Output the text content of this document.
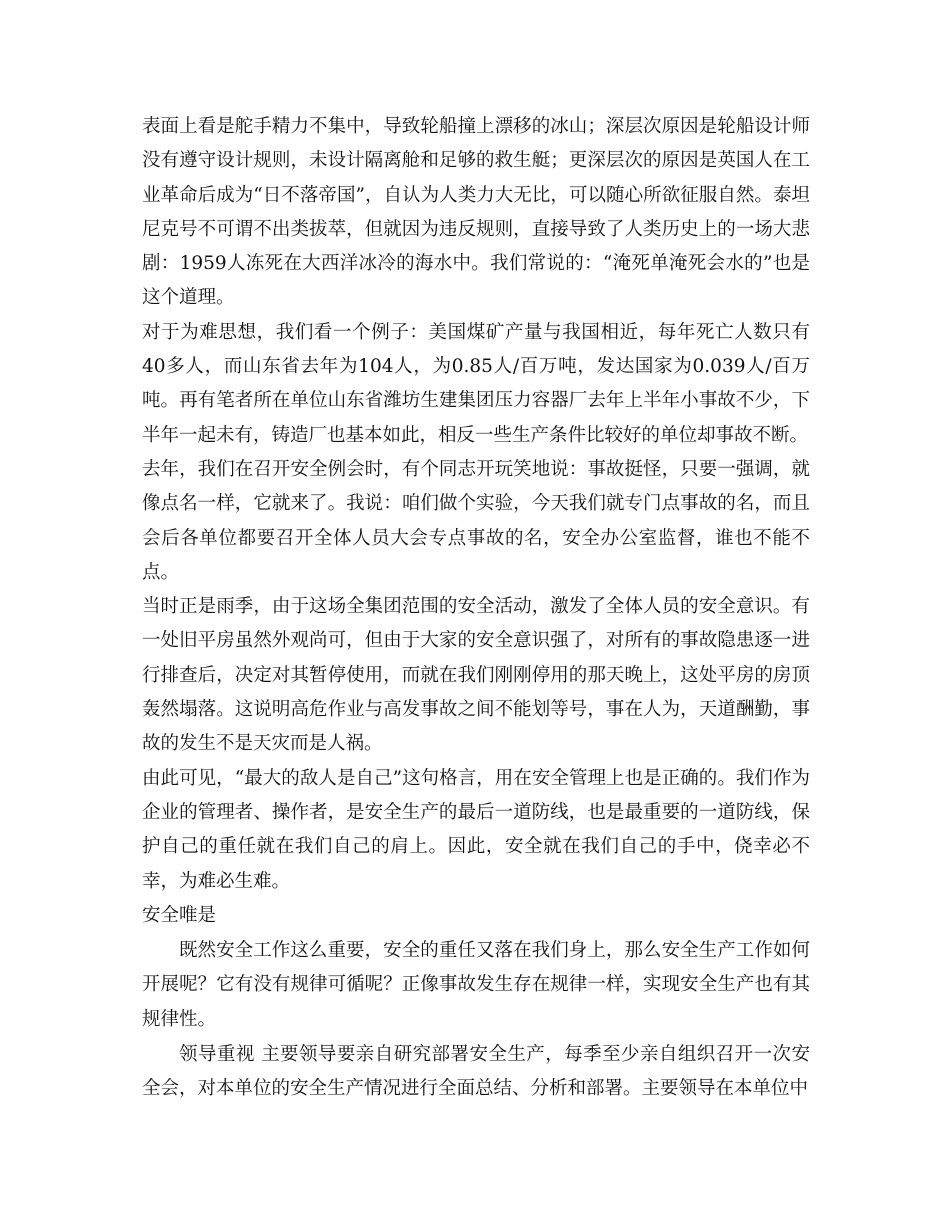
表面上看是舵手精力不集中，导致轮船撞上漂移的冰山；深层次原因是轮船设计师没有遵守设计规则，未设计隔离舱和足够的救生艇；更深层次的原因是英国人在工业革命后成为“日不落帝国”，自认为人类力大无比，可以随心所欲征服自然。泰坦尼克号不可谓不出类拔萃，但就因为违反规则，直接导致了人类历史上的一场大悲剧：1959人冻死在大西洋冰冷的海水中。我们常说的：“淹死单淹死会水的”也是这个道理。

对于为难思想，我们看一个例子：美国煤矿产量与我国相近，每年死亡人数只有40多人，而山东省去年为104人，为0.85人/百万吨，发达国家为0.039人/百万吨。再有笔者所在单位山东省潍坊生建集团压力容器厂去年上半年小事故不少，下半年一起未有，铸造厂也基本如此，相反一些生产条件比较好的单位却事故不断。

去年，我们在召开安全例会时，有个同志开玩笑地说：事故挺怪，只要一强调，就像点名一样，它就来了。我说：咱们做个实验，今天我们就专门点事故的名，而且会后各单位都要召开全体人员大会专点事故的名，安全办公室监督，谁也不能不点。

当时正是雨季，由于这场全集团范围的安全活动，激发了全体人员的安全意识。有一处旧平房虽然外观尚可，但由于大家的安全意识强了，对所有的事故隐患逐一进行排查后，决定对其暂停使用，而就在我们刚刚停用的那天晚上，这处平房的房顶轰然塌落。这说明高危作业与高发事故之间不能划等号，事在人为，天道酬勤，事故的发生不是天灾而是人祸。

由此可见，“最大的敌人是自己”这句格言，用在安全管理上也是正确的。我们作为企业的管理者、操作者，是安全生产的最后一道防线，也是最重要的一道防线，保护自己的重任就在我们自己的肩上。因此，安全就在我们自己的手中，侥幸必不幸，为难必生难。

安全唯是

既然安全工作这么重要，安全的重任又落在我们身上，那么安全生产工作如何开展呢？它有没有规律可循呢？正像事故发生存在规律一样，实现安全生产也有其规律性。

领导重视 主要领导要亲自研究部署安全生产，每季至少亲自组织召开一次安全会，对本单位的安全生产情况进行全面总结、分析和部署。主要领导在本单位中
